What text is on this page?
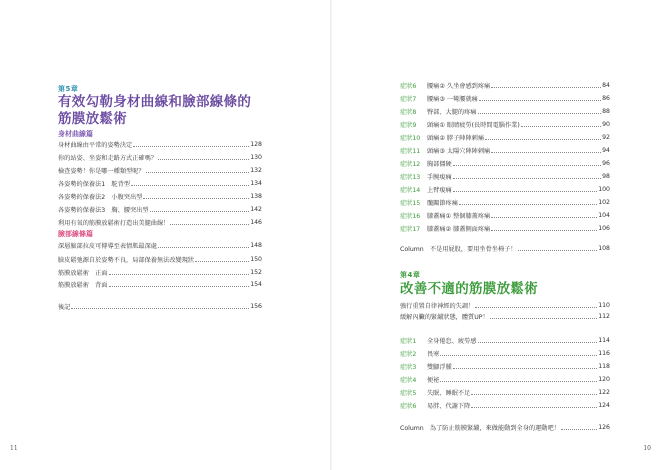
第5章
有效勾勒身材曲線和臉部線條的
筋膜放鬆術
身材曲線篇
身材曲線由平常的姿勢決定	128
你的站姿、坐姿和走路方式正確嗎？	130
檢查姿勢！你是哪一種類型呢？	132
各姿勢的保養法1　駝背型	134
各姿勢的保養法2　小腹突出型	138
各姿勢的保養法3　胸、腰突出型	142
利用有氧的筋膜放鬆術打造出美腿曲線！	146
臉部線條篇
深層臉部拉皮可傳導至表情肌最深處	148
臉皮鬆弛源自於姿勢不良，局部保養無法改變現狀	150
筋膜放鬆術　正面	152
筋膜放鬆術　背面	154
後記	156
11
症狀6	腰痛② 久坐會感到疼痛	84
症狀7	腰痛③ 一彎腰就痛	86
症狀8	臀部、大腿的疼痛	88
症狀9	頭痛① 眼睛疲勞(長時間電腦作業)	90
症狀10	頭痛② 脖子陣陣刺痛	92
症狀11	頭痛③ 太陽穴陣陣刺痛	94
症狀12	胸部僵硬	96
症狀13	手腕痠痛	98
症狀14	上臂痠痛	100
症狀15	髖關節疼痛	102
症狀16	膝蓋痛① 整個膝蓋疼痛	104
症狀17	膝蓋痛② 膝蓋側面疼痛	106
Column　不是用屁股，要用坐骨坐椅子！	108
第4章
改善不適的筋膜放鬆術
強行重置自律神經的失調！	110
緩解內臟的緊繃狀態，體質UP！	112
症狀1	全身倦怠、疲勞感	114
症狀2	畏寒	116
症狀3	雙腳浮腫	118
症狀4	便祕	120
症狀5	失眠、睡眠不足	122
症狀6	易胖、代謝下降	124
Column　為了防止筋膜緊繃，來做能動到全身的運動吧！	126
10
